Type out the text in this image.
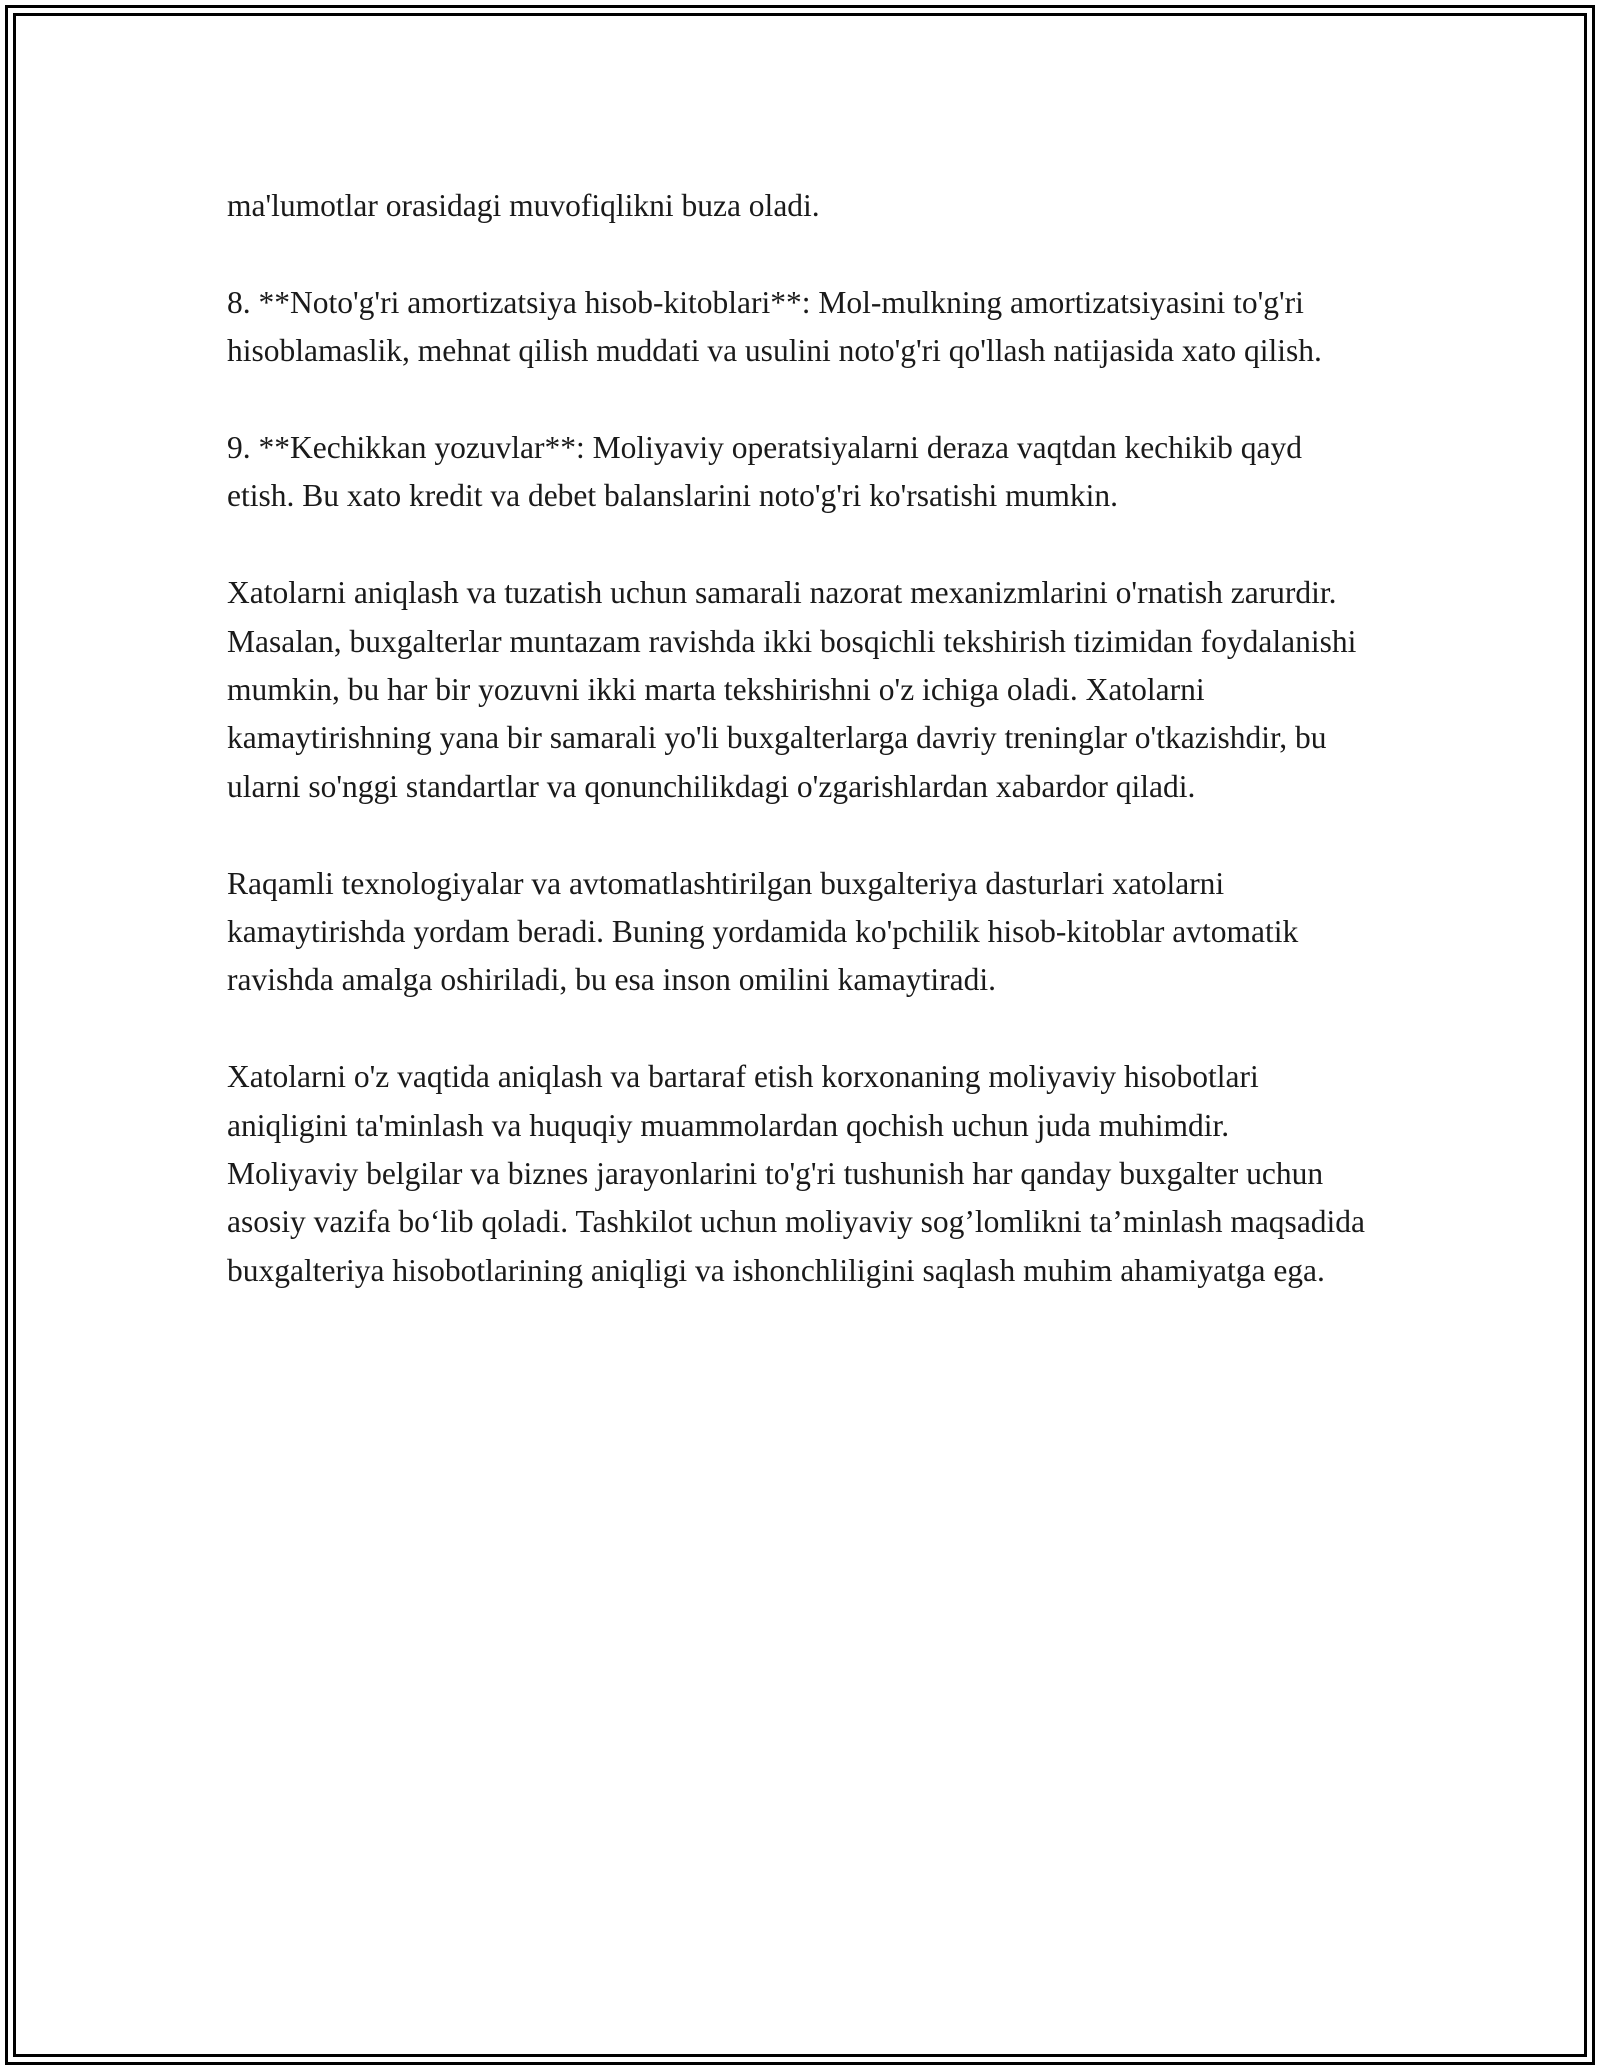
ma'lumotlar orasidagi muvofiqlikni buza oladi.

8. **Noto'g'ri amortizatsiya hisob-kitoblari**: Mol-mulkning amortizatsiyasini to'g'ri hisoblamaslik, mehnat qilish muddati va usulini noto'g'ri qo'llash natijasida xato qilish.

9. **Kechikkan yozuvlar**: Moliyaviy operatsiyalarni deraza vaqtdan kechikib qayd etish. Bu xato kredit va debet balanslarini noto'g'ri ko'rsatishi mumkin.

Xatolarni aniqlash va tuzatish uchun samarali nazorat mexanizmlarini o'rnatish zarurdir. Masalan, buxgalterlar muntazam ravishda ikki bosqichli tekshirish tizimidan foydalanishi mumkin, bu har bir yozuvni ikki marta tekshirishni o'z ichiga oladi. Xatolarni kamaytirishning yana bir samarali yo'li buxgalterlarga davriy treninglar o'tkazishdir, bu ularni so'nggi standartlar va qonunchilikdagi o'zgarishlardan xabardor qiladi.

Raqamli texnologiyalar va avtomatlashtirilgan buxgalteriya dasturlari xatolarni kamaytirishda yordam beradi. Buning yordamida ko'pchilik hisob-kitoblar avtomatik ravishda amalga oshiriladi, bu esa inson omilini kamaytiradi.

Xatolarni o'z vaqtida aniqlash va bartaraf etish korxonaning moliyaviy hisobotlari aniqligini ta'minlash va huquqiy muammolardan qochish uchun juda muhimdir. Moliyaviy belgilar va biznes jarayonlarini to'g'ri tushunish har qanday buxgalter uchun asosiy vazifa bo‘lib qoladi. Tashkilot uchun moliyaviy sog’lomlikni ta’minlash maqsadida buxgalteriya hisobotlarining aniqligi va ishonchliligini saqlash muhim ahamiyatga ega.
